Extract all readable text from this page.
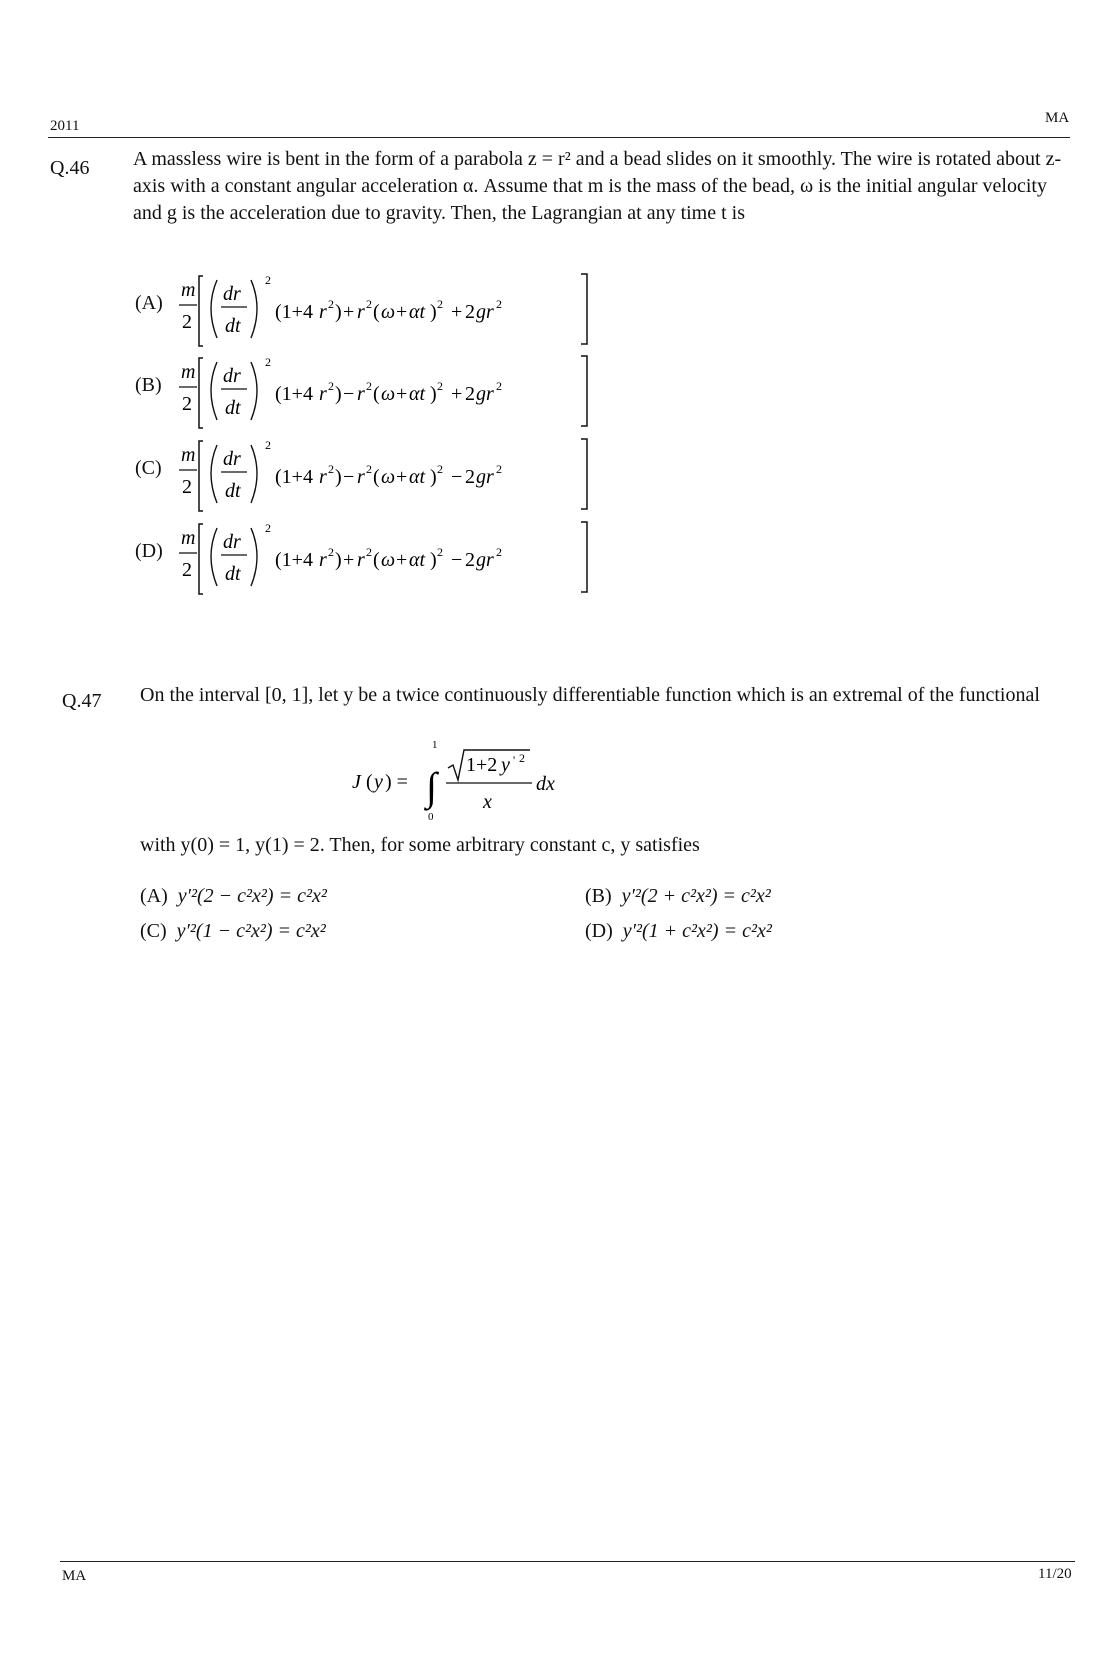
2011	MA
Q.46 A massless wire is bent in the form of a parabola z = r² and a bead slides on it smoothly. The wire is rotated about z-axis with a constant angular acceleration α. Assume that m is the mass of the bead, ω is the initial angular velocity and g is the acceleration due to gravity. Then, the Lagrangian at any time t is
(A)
m
2
dr
dt
2
(1+4 r 2 ) + r 2 ( ω + αt ) 2 + 2 gr 2
(B)
m
2
dr
dt
2
(1+4 r 2 ) − r 2 ( ω + αt ) 2 + 2 gr 2
(C)
m
2
dr
dt
2
(1+4 r 2 ) − r 2 ( ω + αt ) 2 − 2 gr 2
(D)
m
2
dr
dt
2
(1+4 r 2 ) + r 2 ( ω + αt ) 2 − 2 gr 2
Q.47 On the interval [0, 1], let y be a twice continuously differentiable function which is an extremal of the functional
J ( y ) = ∫
1
0
1+2 y ' 2
x
dx
with y(0) = 1, y(1) = 2. Then, for some arbitrary constant c, y satisfies
(A) y′²(2 − c²x²) = c²x²	(B) y′²(2 + c²x²) = c²x²
(C) y′²(1 − c²x²) = c²x²	(D) y′²(1 + c²x²) = c²x²
MA	11/20
